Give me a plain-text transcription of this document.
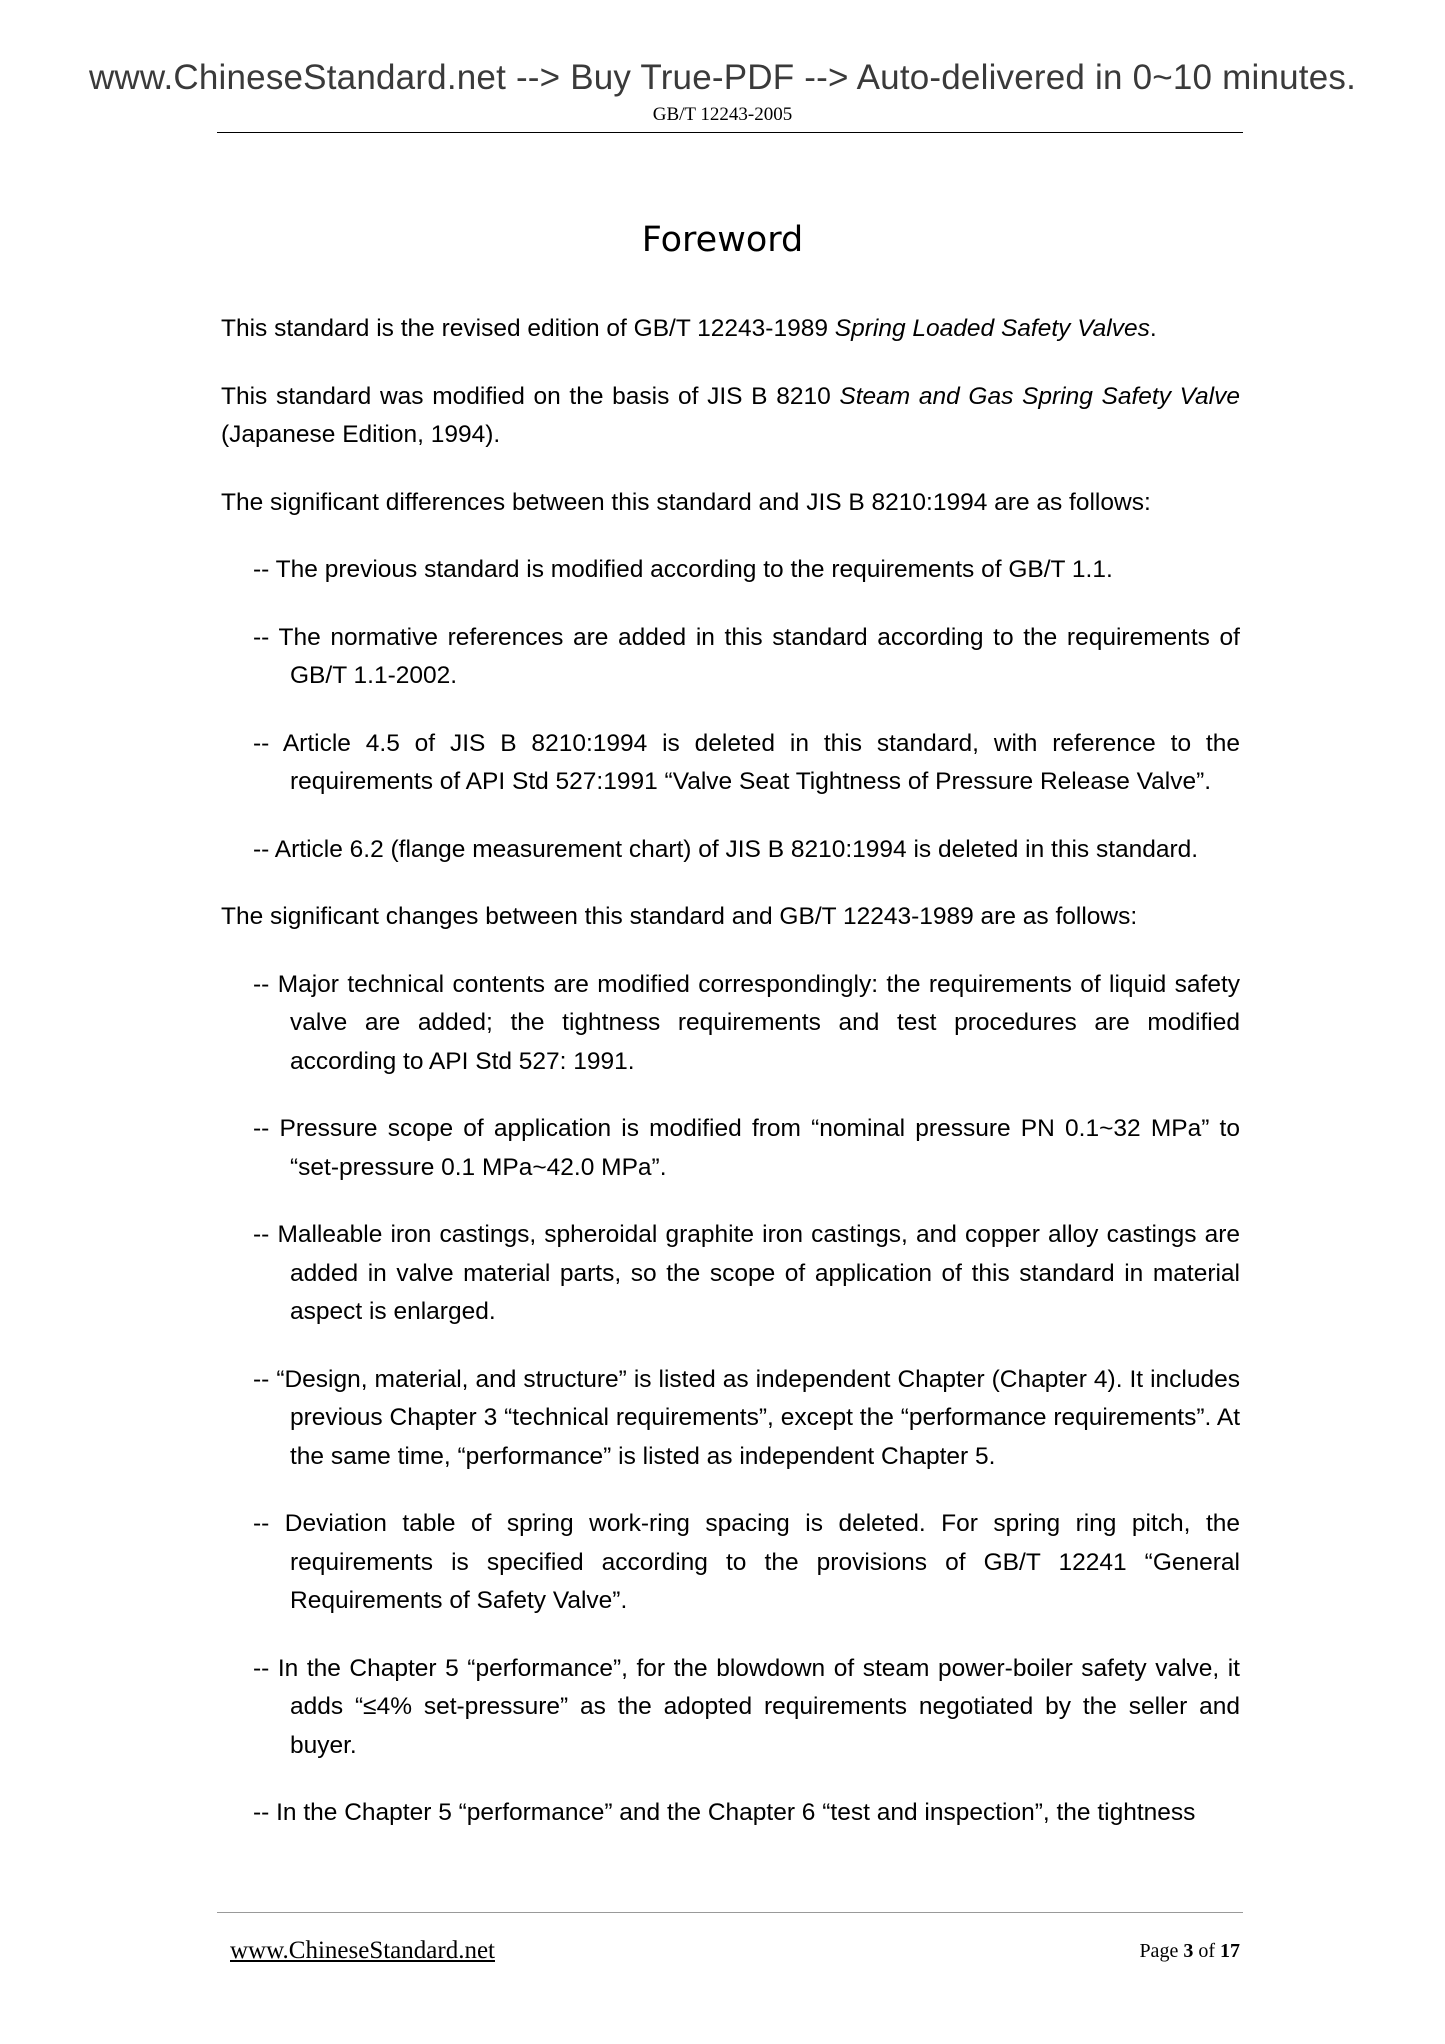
www.ChineseStandard.net --> Buy True-PDF --> Auto-delivered in 0~10 minutes.
GB/T 12243-2005
Foreword

This standard is the revised edition of GB/T 12243-1989 Spring Loaded Safety Valves.

This standard was modified on the basis of JIS B 8210 Steam and Gas Spring Safety Valve (Japanese Edition, 1994).

The significant differences between this standard and JIS B 8210:1994 are as follows:

-- The previous standard is modified according to the requirements of GB/T 1.1.

-- The normative references are added in this standard according to the requirements of GB/T 1.1-2002.

-- Article 4.5 of JIS B 8210:1994 is deleted in this standard, with reference to the requirements of API Std 527:1991 “Valve Seat Tightness of Pressure Release Valve”.

-- Article 6.2 (flange measurement chart) of JIS B 8210:1994 is deleted in this standard.

The significant changes between this standard and GB/T 12243-1989 are as follows:

-- Major technical contents are modified correspondingly: the requirements of liquid safety valve are added; the tightness requirements and test procedures are modified according to API Std 527: 1991.

-- Pressure scope of application is modified from “nominal pressure PN 0.1~32 MPa” to “set-pressure 0.1 MPa~42.0 MPa”.

-- Malleable iron castings, spheroidal graphite iron castings, and copper alloy castings are added in valve material parts, so the scope of application of this standard in material aspect is enlarged.

-- “Design, material, and structure” is listed as independent Chapter (Chapter 4). It includes previous Chapter 3 “technical requirements”, except the “performance requirements”. At the same time, “performance” is listed as independent Chapter 5.

-- Deviation table of spring work-ring spacing is deleted. For spring ring pitch, the requirements is specified according to the provisions of GB/T 12241 “General Requirements of Safety Valve”.

-- In the Chapter 5 “performance”, for the blowdown of steam power-boiler safety valve, it adds “≤4% set-pressure” as the adopted requirements negotiated by the seller and buyer.

-- In the Chapter 5 “performance” and the Chapter 6 “test and inspection”, the tightness

www.ChineseStandard.net	Page 3 of 17
